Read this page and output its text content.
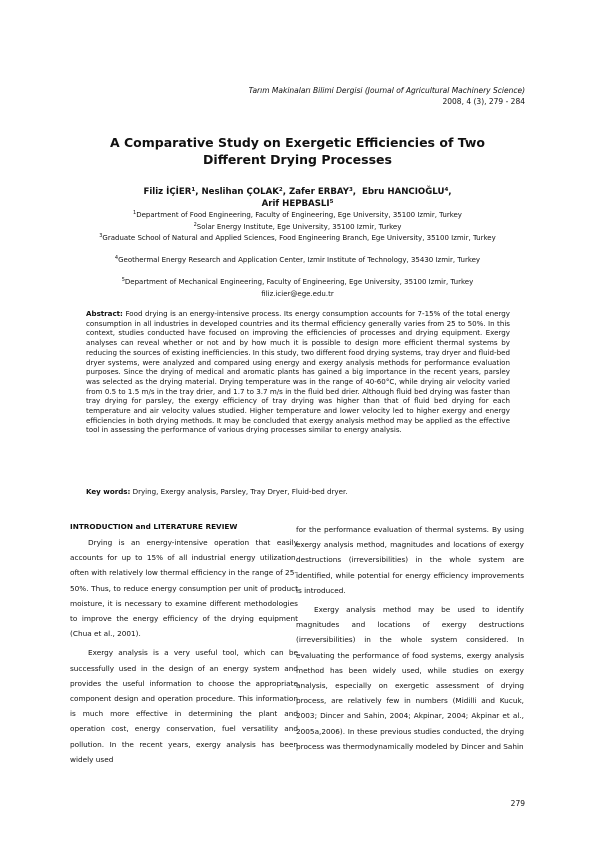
Tarım Makinaları Bilimi Dergisi (Journal of Agricultural Machinery Science)
2008, 4 (3), 279 - 284
A Comparative Study on Exergetic Efficiencies of Two
Different Drying Processes
Filiz İÇİER$^1$, Neslihan ÇOLAK$^2$, Zafer ERBAY$^3$,  Ebru HANCIOĞLU$^4$,
Arif HEPBASLI$^5$
$^1$Department of Food Engineering, Faculty of Engineering, Ege University, 35100 Izmir, Turkey
$^2$Solar Energy Institute, Ege University, 35100 Izmir, Turkey
$^3$Graduate School of Natural and Applied Sciences, Food Engineering Branch, Ege University, 35100 Izmir, Turkey
$^4$Geothermal Energy Research and Application Center, Izmir Institute of Technology, 35430 Izmir, Turkey
$^5$Department of Mechanical Engineering, Faculty of Engineering, Ege University, 35100 Izmir, Turkey
filiz.icier@ege.edu.tr
Abstract: Food drying is an energy-intensive process. Its energy consumption accounts for 7-15% of the total energy consumption in all industries in developed countries and its thermal efficiency generally varies from 25 to 50%. In this context, studies conducted have focused on improving the efficiencies of processes and drying equipment. Exergy analyses can reveal whether or not and by how much it is possible to design more efficient thermal systems by reducing the sources of existing inefficiencies. In this study, two different food drying systems, tray dryer and fluid-bed dryer systems, were analyzed and compared using energy and exergy analysis methods for performance evaluation purposes. Since the drying of medical and aromatic plants has gained a big importance in the recent years, parsley was selected as the drying material. Drying temperature was in the range of 40-60°C, while drying air velocity varied from 0.5 to 1.5 m/s in the tray drier, and 1.7 to 3.7 m/s in the fluid bed drier. Although fluid bed drying was faster than tray drying for parsley, the exergy efficiency of tray drying was higher than that of fluid bed drying for each temperature and air velocity values studied. Higher temperature and lower velocity led to higher exergy and energy efficiencies in both drying methods. It may be concluded that exergy analysis method may be applied as the effective tool in assessing the performance of various drying processes similar to energy analysis.
Key words: Drying, Exergy analysis, Parsley, Tray Dryer, Fluid-bed dryer.
INTRODUCTION and LITERATURE REVIEW

Drying is an energy-intensive operation that easily accounts for up to 15% of all industrial energy utilization, often with relatively low thermal efficiency in the range of 25–50%. Thus, to reduce energy consumption per unit of product moisture, it is necessary to examine different methodologies to improve the energy efficiency of the drying equipment (Chua et al., 2001).

Exergy analysis is a very useful tool, which can be successfully used in the design of an energy system and provides the useful information to choose the appropriate component design and operation procedure. This information is much more effective in determining the plant and operation cost, energy conservation, fuel versatility and pollution. In the recent years, exergy analysis has been widely used

for the performance evaluation of thermal systems. By using exergy analysis method, magnitudes and locations of exergy destructions (irreversibilities) in the whole system are identified, while potential for energy efficiency improvements is introduced.

Exergy analysis method may be used to identify magnitudes and locations of exergy destructions (irreversibilities) in the whole system considered. In evaluating the performance of food systems, exergy analysis method has been widely used, while studies on exergy analysis, especially on exergetic assessment of drying process, are relatively few in numbers (Midilli and Kucuk, 2003; Dincer and Sahin, 2004; Akpinar, 2004; Akpinar et al., 2005a,2006). In these previous studies conducted, the drying process was thermodynamically modeled by Dincer and Sahin

279
